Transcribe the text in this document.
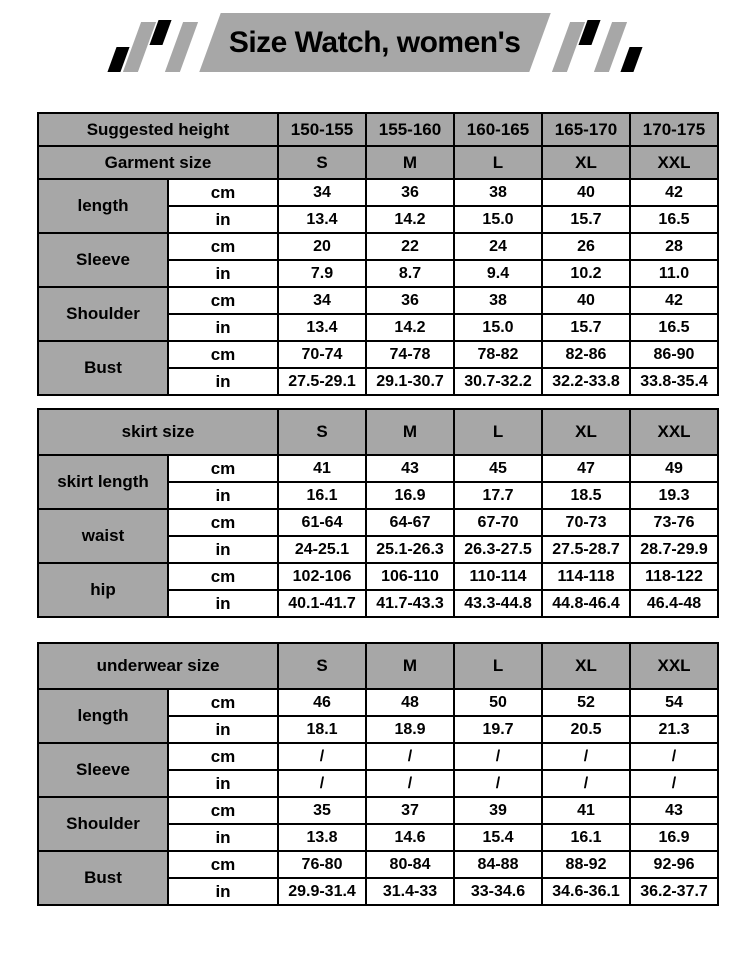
Size Watch, women's
Suggested height		150-155	155-160	160-165	165-170	170-175
Garment size		S	M	L	XL	XXL
length	cm	34	36	38	40	42
	in	13.4	14.2	15.0	15.7	16.5
Sleeve	cm	20	22	24	26	28
	in	7.9	8.7	9.4	10.2	11.0
Shoulder	cm	34	36	38	40	42
	in	13.4	14.2	15.0	15.7	16.5
Bust	cm	70-74	74-78	78-82	82-86	86-90
	in	27.5-29.1	29.1-30.7	30.7-32.2	32.2-33.8	33.8-35.4
skirt size		S	M	L	XL	XXL
skirt length	cm	41	43	45	47	49
	in	16.1	16.9	17.7	18.5	19.3
waist	cm	61-64	64-67	67-70	70-73	73-76
	in	24-25.1	25.1-26.3	26.3-27.5	27.5-28.7	28.7-29.9
hip	cm	102-106	106-110	110-114	114-118	118-122
	in	40.1-41.7	41.7-43.3	43.3-44.8	44.8-46.4	46.4-48
underwear size		S	M	L	XL	XXL
length	cm	46	48	50	52	54
	in	18.1	18.9	19.7	20.5	21.3
Sleeve	cm	/	/	/	/	/
	in	/	/	/	/	/
Shoulder	cm	35	37	39	41	43
	in	13.8	14.6	15.4	16.1	16.9
Bust	cm	76-80	80-84	84-88	88-92	92-96
	in	29.9-31.4	31.4-33	33-34.6	34.6-36.1	36.2-37.7
